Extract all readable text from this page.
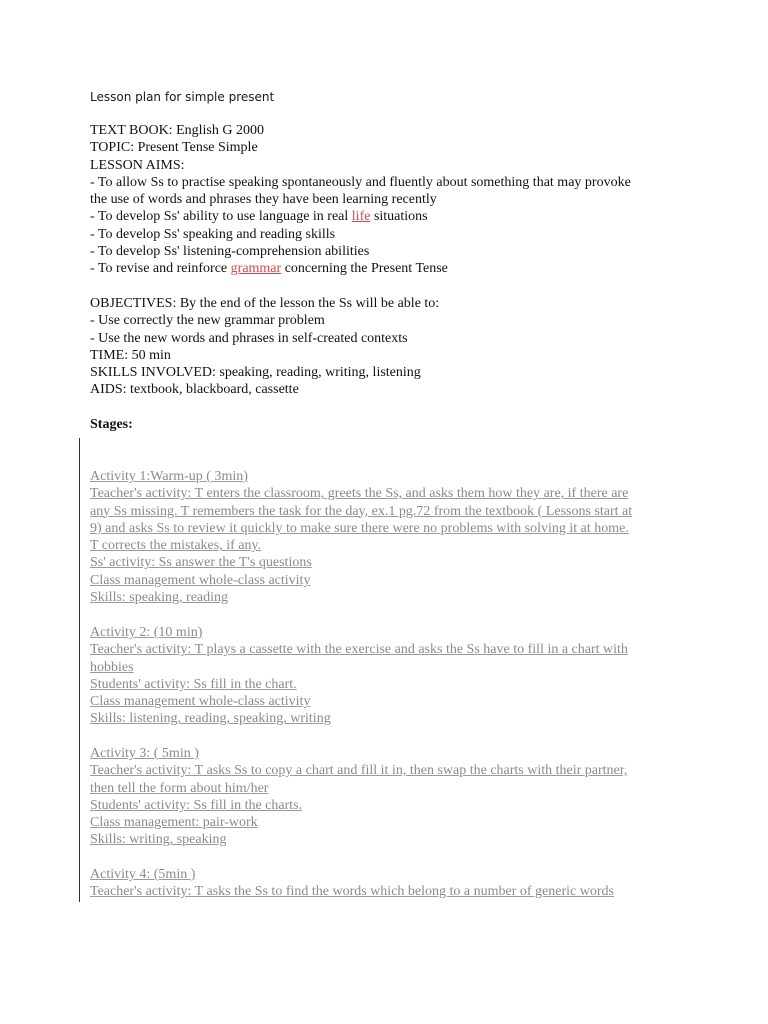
Lesson plan for simple present
TEXT BOOK: English G 2000
TOPIC: Present Tense Simple
LESSON AIMS:
- To allow Ss to practise speaking spontaneously and fluently about something that may provoke
the use of words and phrases they have been learning recently
- To develop Ss' ability to use language in real life situations
- To develop Ss' speaking and reading skills
- To develop Ss' listening-comprehension abilities
- To revise and reinforce grammar concerning the Present Tense
OBJECTIVES: By the end of the lesson the Ss will be able to:
- Use correctly the new grammar problem
- Use the new words and phrases in self-created contexts
TIME: 50 min
SKILLS INVOLVED: speaking, reading, writing, listening
AIDS: textbook, blackboard, cassette
Stages:
Activity 1:Warm-up ( 3min)
Teacher's activity: T enters the classroom, greets the Ss, and asks them how they are, if there are
any Ss missing. T remembers the task for the day, ex.1 pg.72 from the textbook ( Lessons start at
9) and asks Ss to review it quickly to make sure there were no problems with solving it at home.
T corrects the mistakes, if any.
Ss' activity: Ss answer the T's questions
Class management whole-class activity
Skills: speaking, reading
Activity 2: (10 min)
Teacher's activity: T plays a cassette with the exercise and asks the Ss have to fill in a chart with
hobbies
Students' activity: Ss fill in the chart.
Class management whole-class activity
Skills: listening, reading, speaking, writing
Activity 3: ( 5min )
Teacher's activity: T asks Ss to copy a chart and fill it in, then swap the charts with their partner,
then tell the form about him/her
Students' activity: Ss fill in the charts.
Class management: pair-work
Skills: writing, speaking
Activity 4: (5min )
Teacher's activity: T asks the Ss to find the words which belong to a number of generic words
